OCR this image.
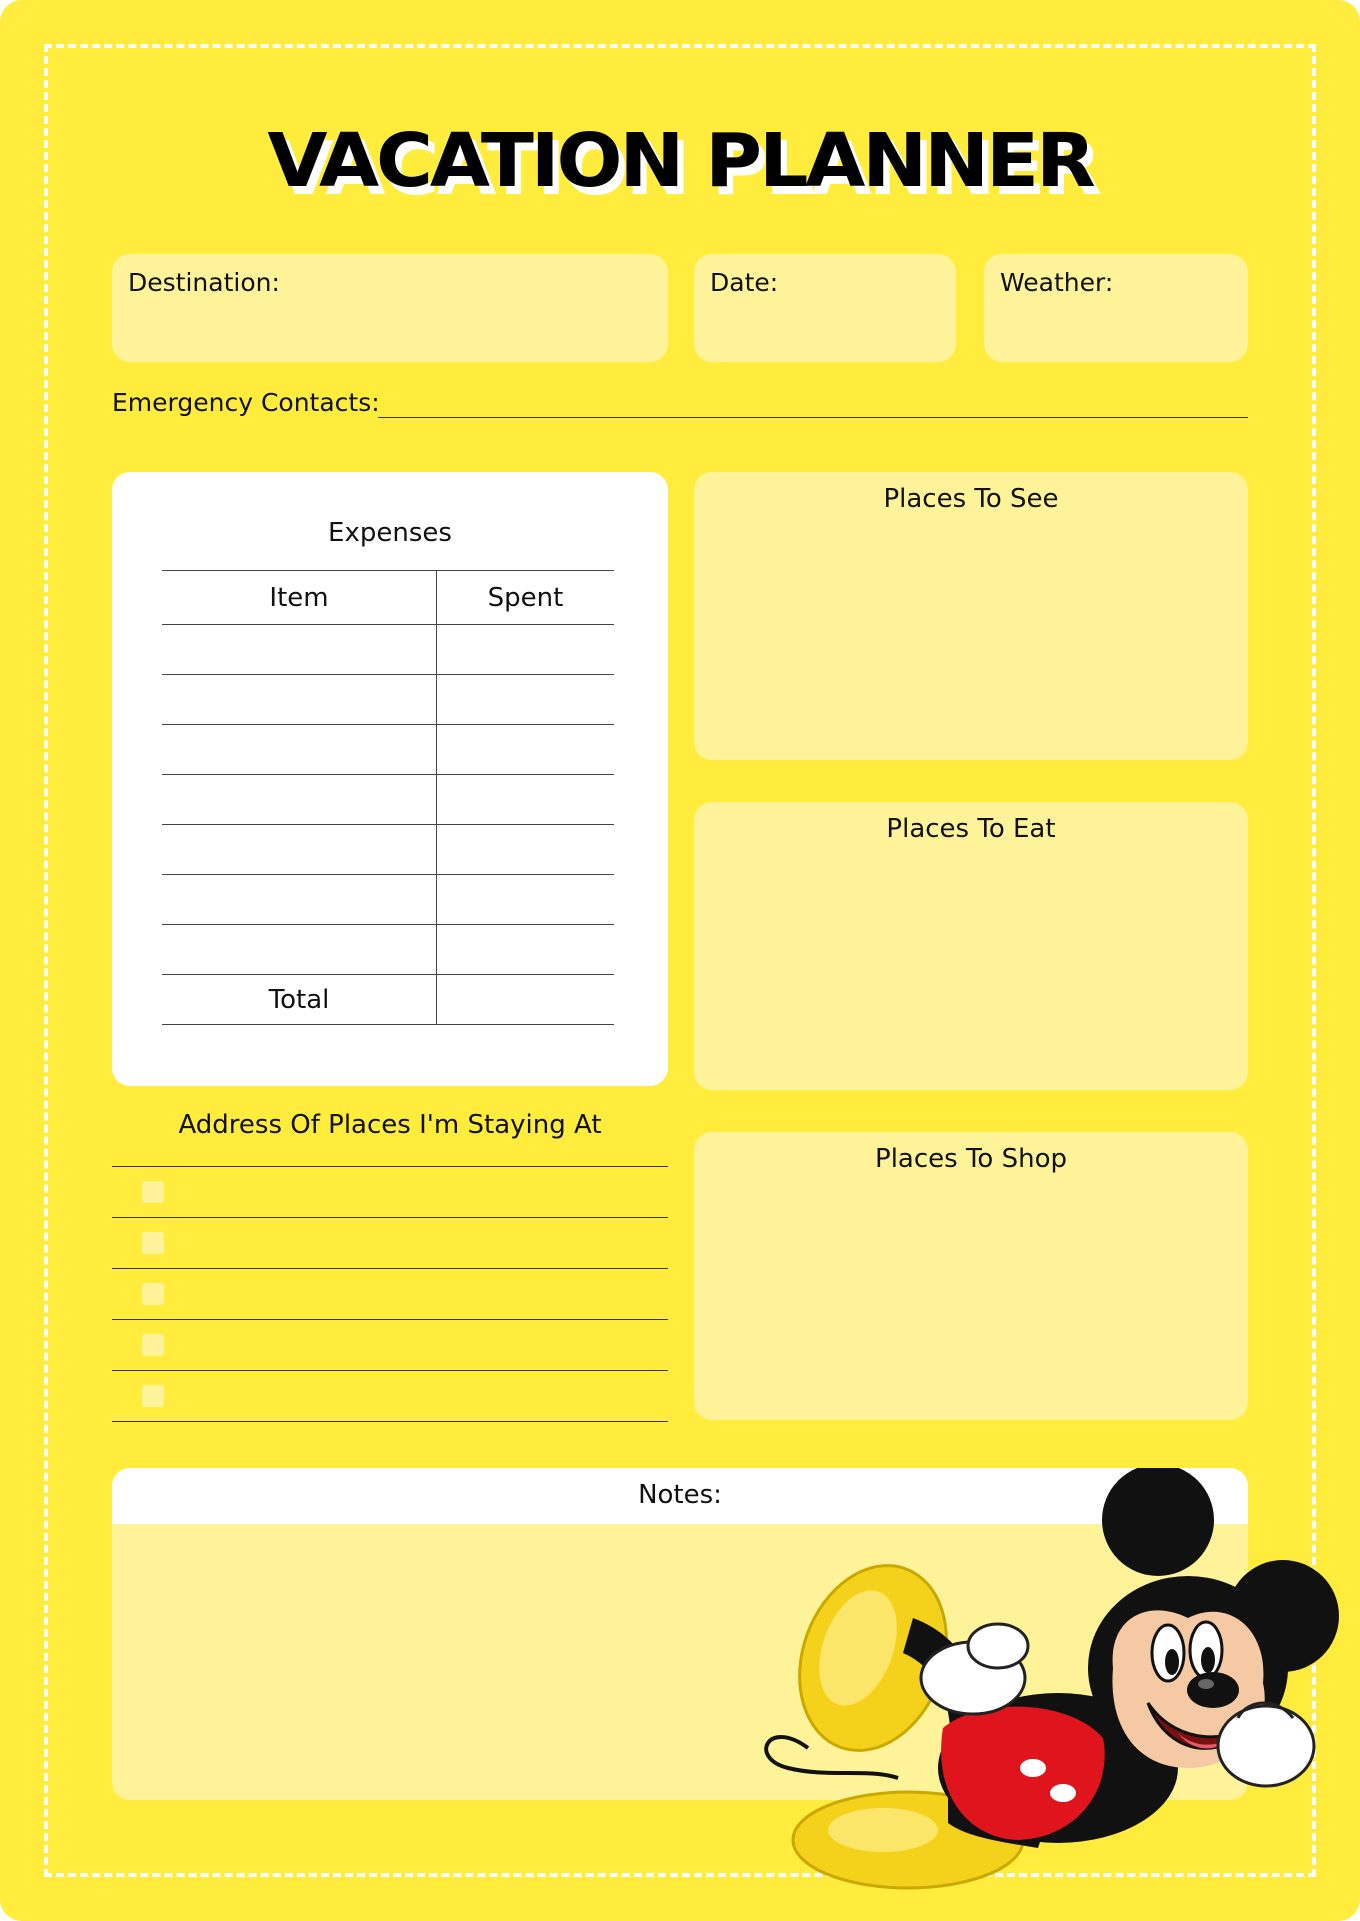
VACATION PLANNER
Destination:	Date:	Weather:
Emergency Contacts:
Expenses
Item	Spent

Total	
Places To See
Places To Eat
Places To Shop
Address Of Places I'm Staying At
Notes:
